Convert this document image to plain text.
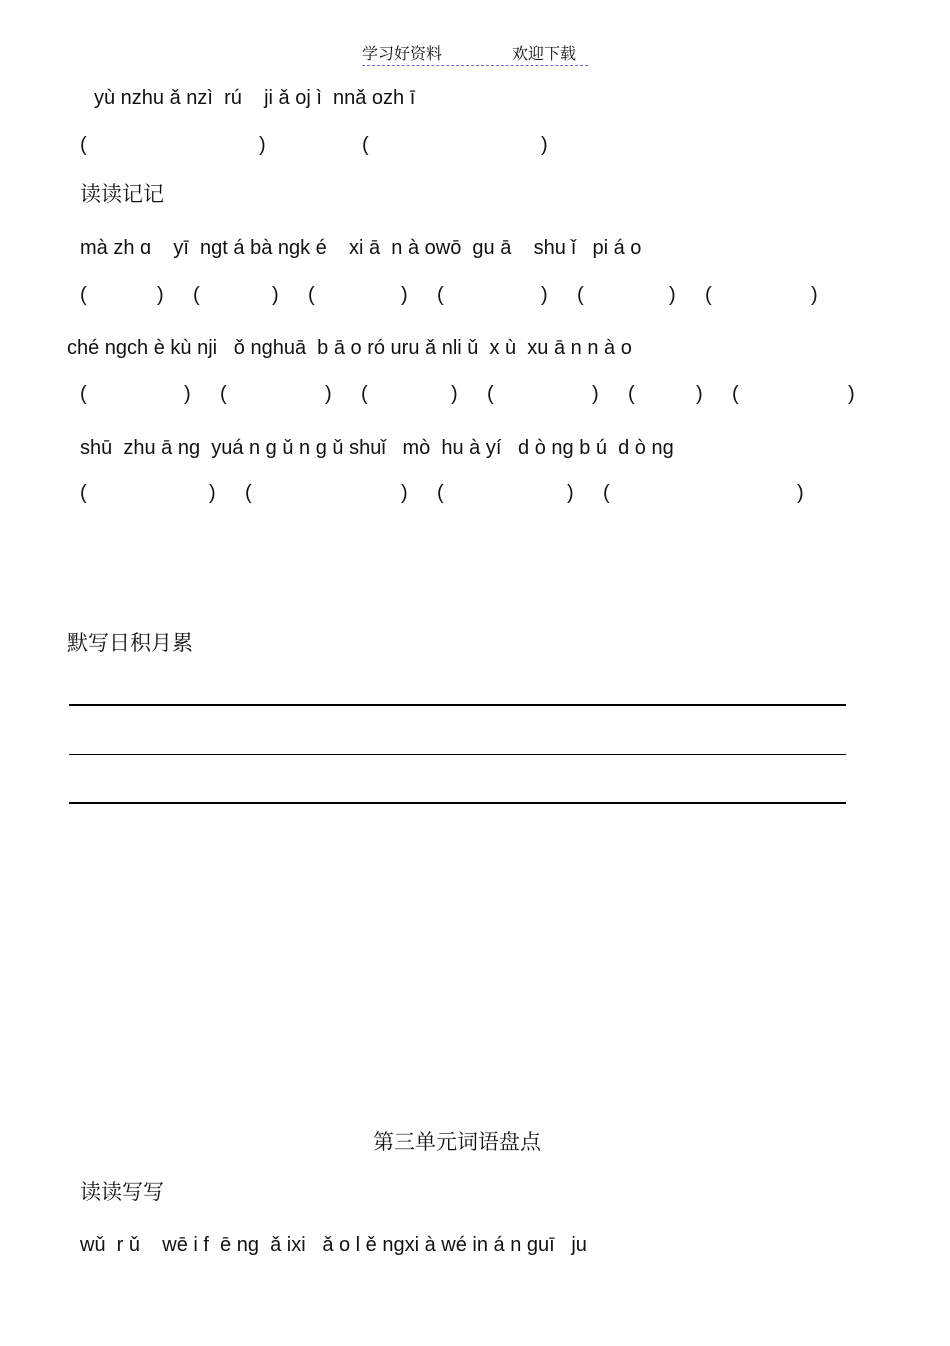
学习好资料

	欢迎下载

yù nzhu ǎ nzì  rú    ji ǎ oj ì  nnǎ ozh ī
(	)	(	)
读读记记
mà zh ɑ    yī  ngt á bà ngk é    xi ā  n à owō  gu ā    shu ǐ   pi á o
(	) (	) (	) (	) (	) (	)
ché ngch è kù nji   ǒ nghuā  b ā o ró uru ǎ nli ǔ  x ù  xu ā n n à o
(	) (	) (	) (	) (	) (	)
shū  zhu ā ng  yuá n g ǔ n g ǔ shuǐ   mò  hu à yí   d ò ng b ú  d ò ng
(	) (	) (	) (	)
默写日积月累
第三单元词语盘点
读读写写
wǔ  r ǔ    wē i f  ē ng  ǎ ixi   ǎ o l ě ngxi à wé in á n guī   ju
